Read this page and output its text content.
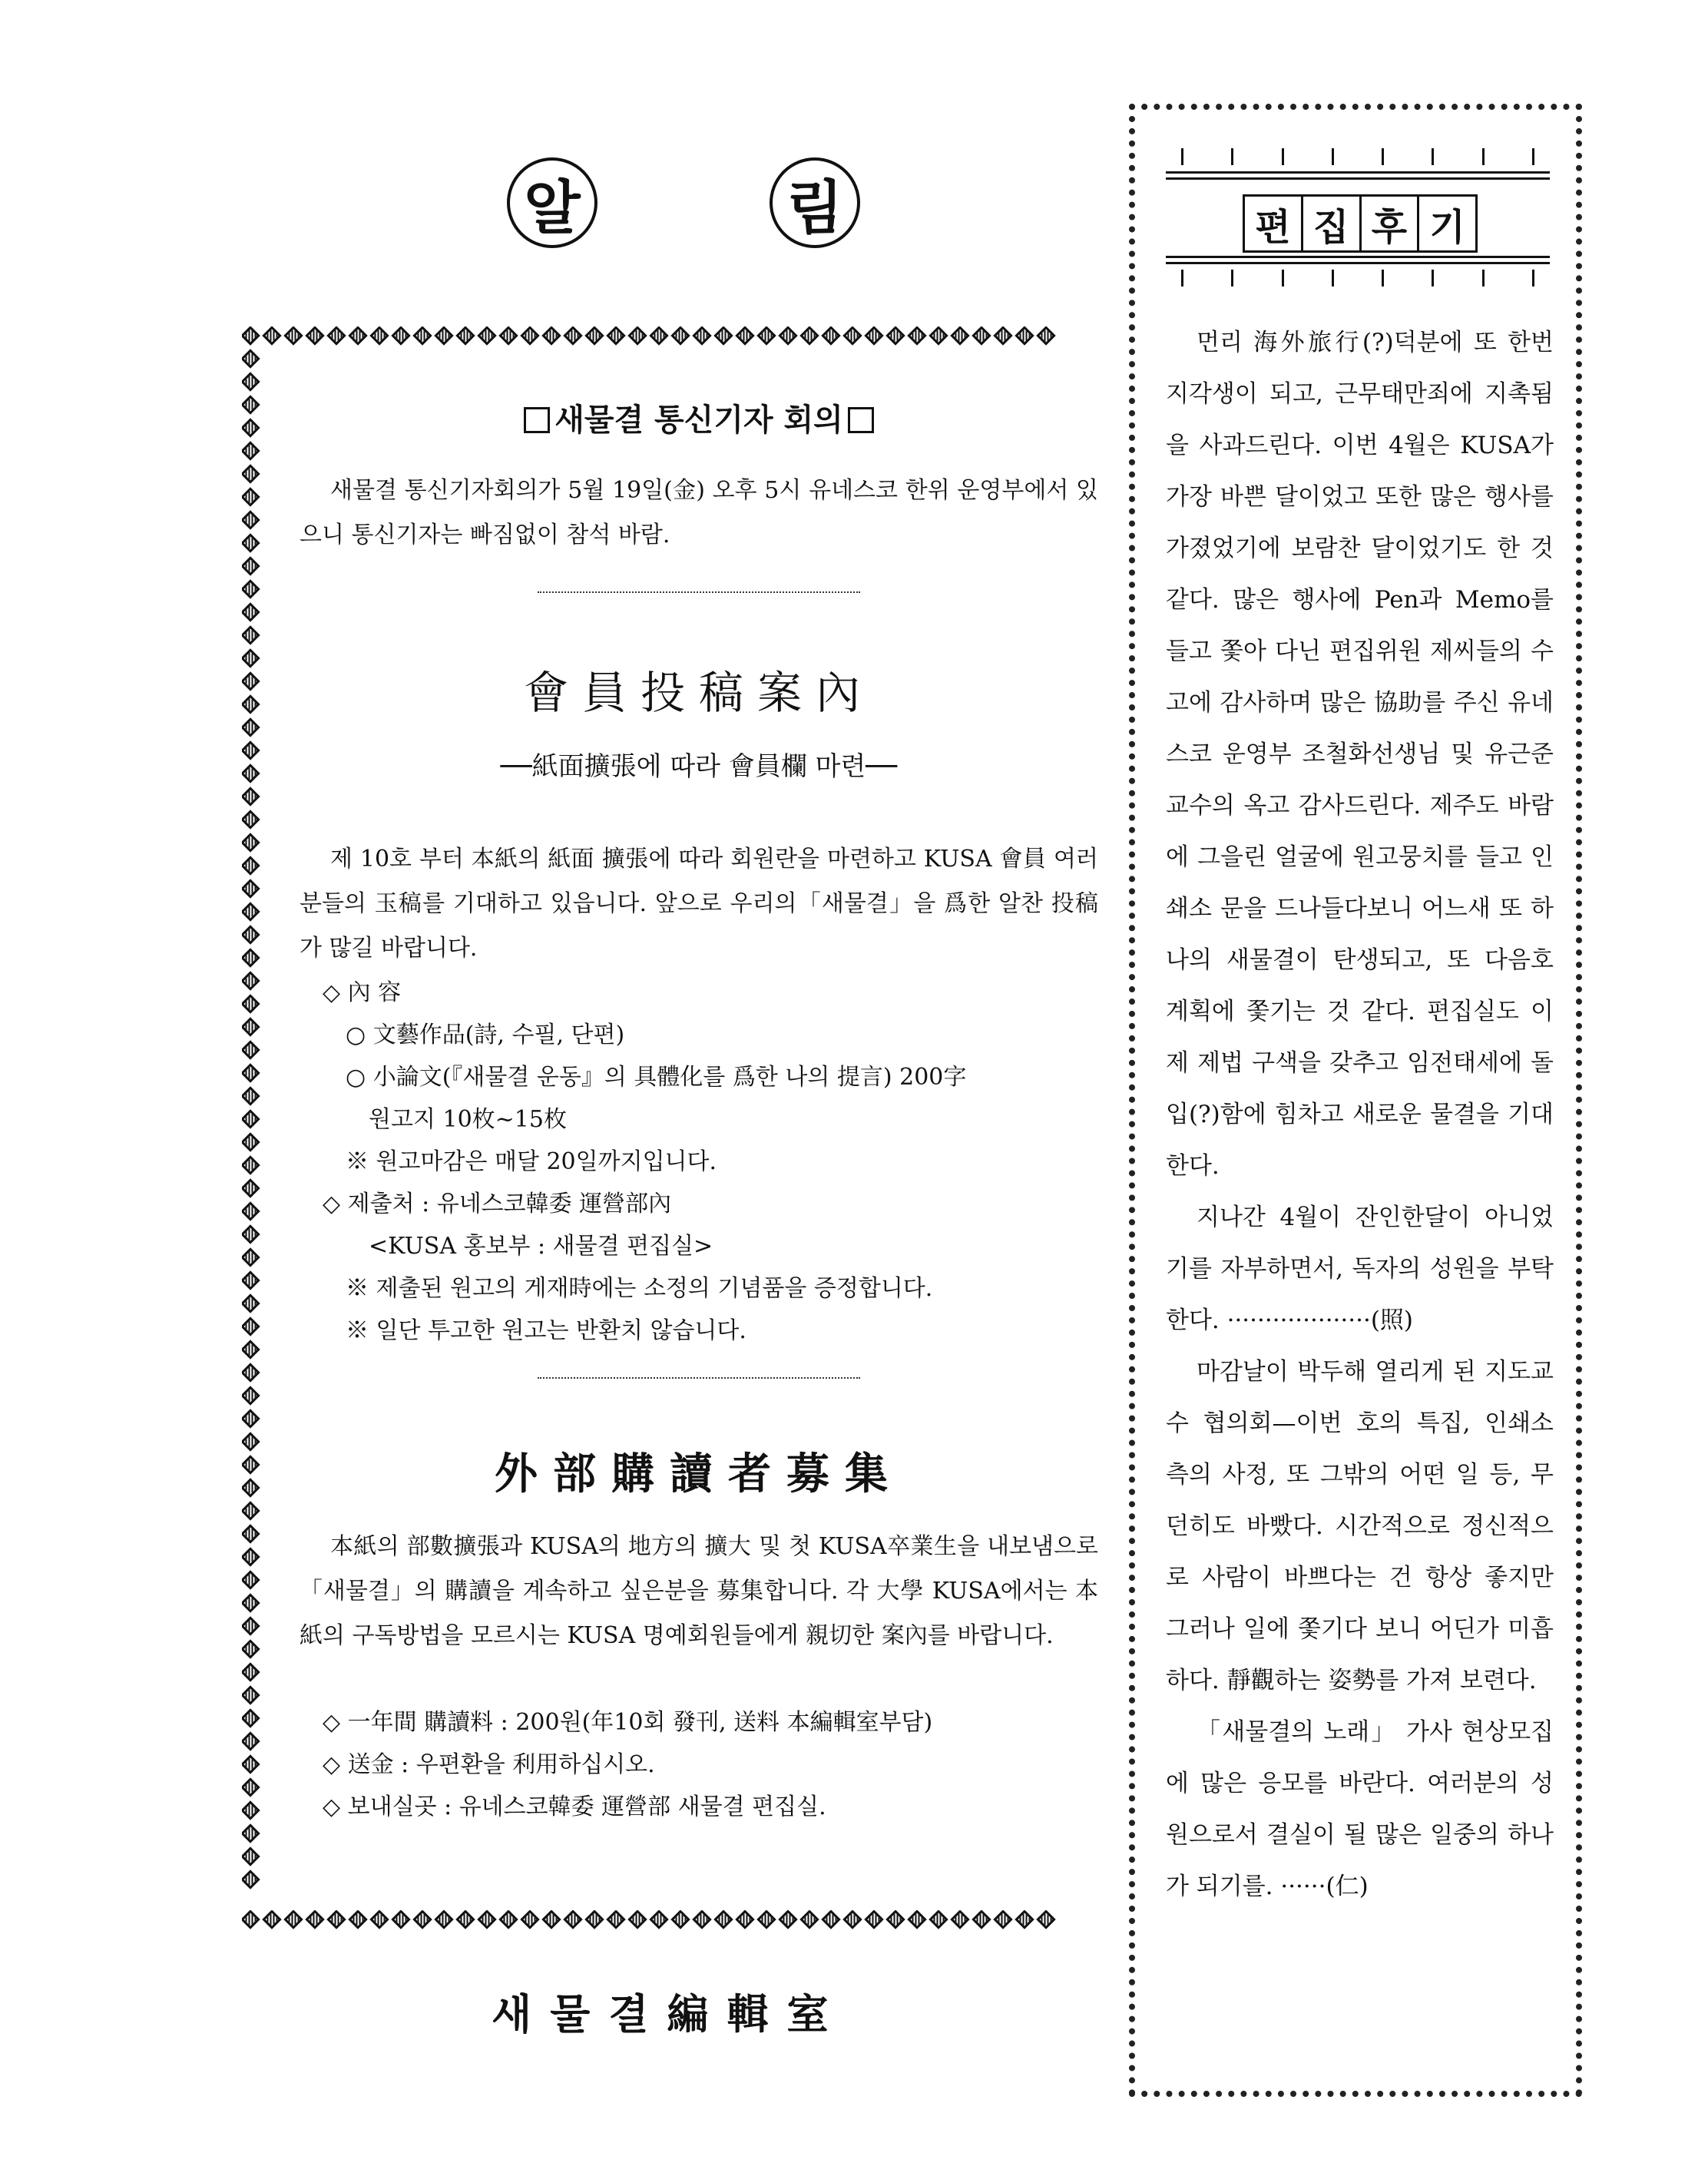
알	림
새물결 통신기자 회의
새물결 통신기자회의가 5월 19일(金) 오후 5시 유네스코 한위 운영부에서 있으니 통신기자는 빠짐없이 참석 바람.
會員投稿案內
──紙面擴張에 따라 會員欄 마련──
제 10호 부터 本紙의 紙面 擴張에 따라 회원란을 마련하고 KUSA 會員 여러분들의 玉稿를 기대하고 있읍니다. 앞으로 우리의「새물결」을 爲한 알찬 投稿가 많길 바랍니다.
◇ 內 容
○ 文藝作品(詩, 수필, 단편)
○ 小論文(『새물결 운동』의 具體化를 爲한 나의 提言) 200字
원고지 10枚~15枚
※ 원고마감은 매달 20일까지입니다.
◇ 제출처 : 유네스코韓委 運營部內
<KUSA 홍보부 : 새물결 편집실>
※ 제출된 원고의 게재時에는 소정의 기념품을 증정합니다.
※ 일단 투고한 원고는 반환치 않습니다.
外部購讀者募集
本紙의 部數擴張과 KUSA의 地方의 擴大 및 첫 KUSA卒業生을 내보냄으로「새물결」의 購讀을 계속하고 싶은분을 募集합니다. 각 大學 KUSA에서는 本紙의 구독방법을 모르시는 KUSA 명예회원들에게 親切한 案內를 바랍니다.
◇ 一年間 購讀料 : 200원(年10회 發刊, 送料 本編輯室부담)
◇ 送金 : 우편환을 利用하십시오.
◇ 보내실곳 : 유네스코韓委 運營部 새물결 편집실.
새물결編輯室
편 집 후 기

먼리 海外旅行(?)덕분에 또 한번 지각생이 되고, 근무태만죄에 지촉됨을 사과드린다. 이번 4월은 KUSA가 가장 바쁜 달이었고 또한 많은 행사를 가졌었기에 보람찬 달이었기도 한 것 같다. 많은 행사에 Pen과 Memo를 들고 쫓아 다닌 편집위원 제씨들의 수고에 감사하며 많은 協助를 주신 유네스코 운영부 조철화선생님 및 유근준교수의 옥고 감사드린다. 제주도 바람에 그을린 얼굴에 원고뭉치를 들고 인쇄소 문을 드나들다보니 어느새 또 하나의 새물결이 탄생되고, 또 다음호 계획에 쫓기는 것 같다. 편집실도 이제 제법 구색을 갖추고 임전태세에 돌입(?)함에 힘차고 새로운 물결을 기대한다.

지나간 4월이 잔인한달이 아니었기를 자부하면서, 독자의 성원을 부탁한다. ···················(照)

마감날이 박두해 열리게 된 지도교수 협의회—이번 호의 특집, 인쇄소 측의 사정, 또 그밖의 어떤 일 등, 무던히도 바빴다. 시간적으로 정신적으로 사람이 바쁘다는 건 항상 좋지만 그러나 일에 쫓기다 보니 어딘가 미흡하다. 靜觀하는 姿勢를 가져 보련다.

「새물결의 노래」 가사 현상모집에 많은 응모를 바란다. 여러분의 성원으로서 결실이 될 많은 일중의 하나가 되기를. ······(仁)
